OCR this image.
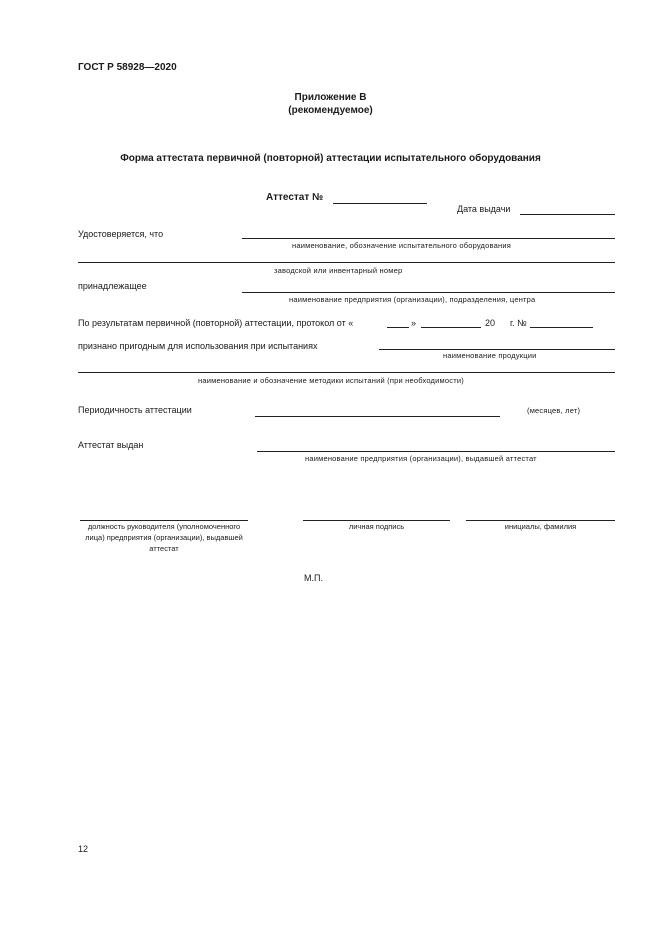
ГОСТ Р 58928—2020
Приложение В
(рекомендуемое)
Форма аттестата первичной (повторной) аттестации испытательного оборудования
Аттестат №
Дата выдачи
Удостоверяется, что
наименование, обозначение испытательного оборудования
заводской или инвентарный номер
принадлежащее
наименование предприятия (организации), подразделения, центра
По результатам первичной (повторной) аттестации, протокол от «	»	20 г. №
признано пригодным для использования при испытаниях
наименование продукции
наименование и обозначение методики испытаний (при необходимости)
Периодичность аттестации	(месяцев, лет)
Аттестат выдан
наименование предприятия (организации), выдавшей аттестат
должность руководителя (уполномоченного лица) предприятия (организации), выдавшей аттестат
личная подпись	инициалы, фамилия
М.П.
12
